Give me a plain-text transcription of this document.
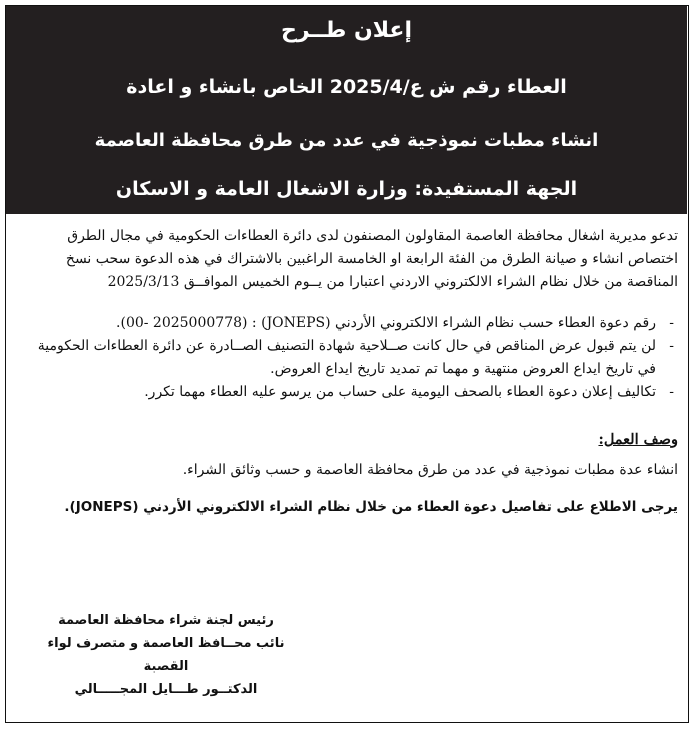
إعلان طــرح
العطاء رقم ش ع/2025/4 الخاص بانشاء و اعادة
انشاء مطبات نموذجية في عدد من طرق محافظة العاصمة
الجهة المستفيدة: وزارة الاشغال العامة و الاسكان

تدعو مديرية اشغال محافظة العاصمة المقاولون المصنفون لدى دائرة العطاءات الحكومية في مجال الطرق اختصاص انشاء و صيانة الطرق من الفئة الرابعة او الخامسة الراغبين بالاشتراك في هذه الدعوة سحب نسخ المناقصة من خلال نظام الشراء الالكتروني الاردني اعتبارا من يــوم الخميس الموافــق 2025/3/13

- رقم دعوة العطاء حسب نظام الشراء الالكتروني الأردني (JONEPS) : (00- 2025000778).
- لن يتم قبول عرض المناقص في حال كانت صــلاحية شهادة التصنيف الصــادرة عن دائرة العطاءات الحكومية في تاريخ ايداع العروض منتهية و مهما تم تمديد تاريخ ايداع العروض.
- تكاليف إعلان دعوة العطاء بالصحف اليومية على حساب من يرسو عليه العطاء مهما تكرر.
وصف العمل:
انشاء عدة مطبات نموذجية في عدد من طرق محافظة العاصمة و حسب وثائق الشراء.
يرجى الاطلاع على تفاصيل دعوة العطاء من خلال نظام الشراء الالكتروني الأردني (JONEPS).
رئيس لجنة شراء محافظة العاصمة
نائب محــافظ العاصمة و متصرف لواء القصبة
الدكتــور طـــايل المجـــــالي
